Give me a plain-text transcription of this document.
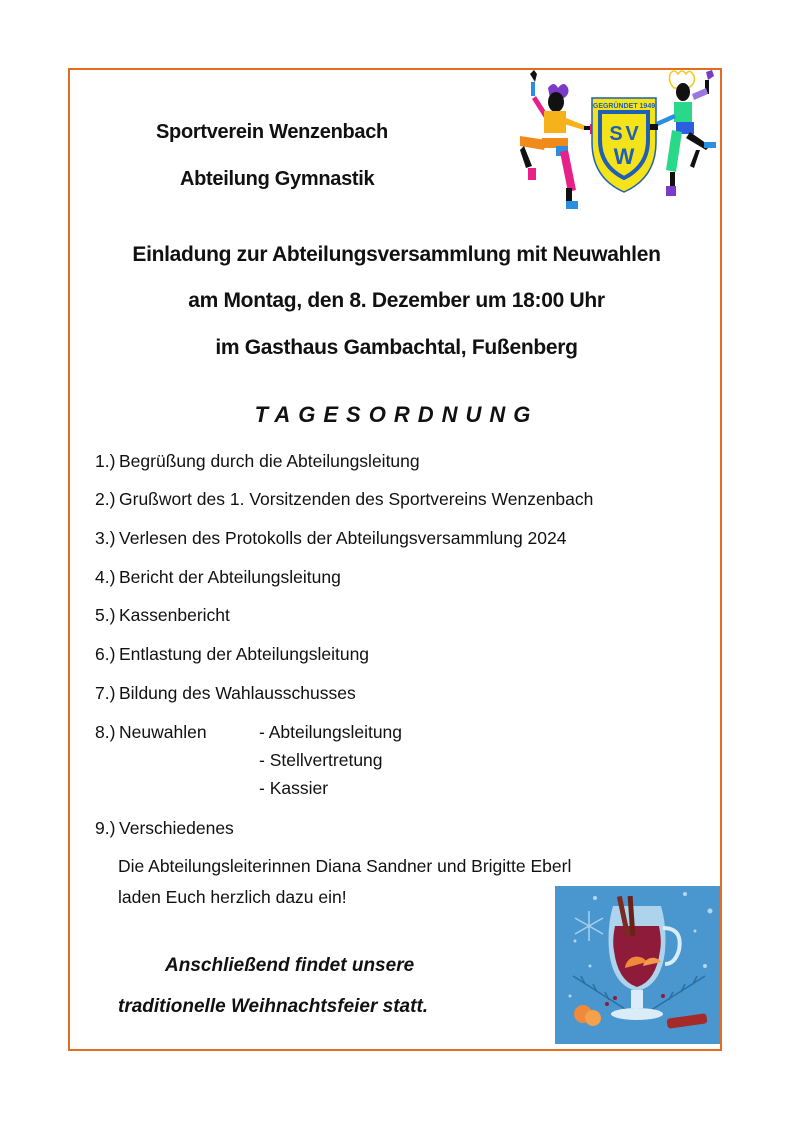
Sportverein Wenzenbach
Abteilung Gymnastik
GEGRÜNDET 1949
S V
W
Einladung zur Abteilungsversammlung mit Neuwahlen
am Montag, den 8. Dezember um 18:00 Uhr
im Gasthaus Gambachtal, Fußenberg
TAGESORDNUNG
1.) Begrüßung durch die Abteilungsleitung
2.) Grußwort des 1. Vorsitzenden des Sportvereins Wenzenbach
3.) Verlesen des Protokolls der Abteilungsversammlung 2024
4.) Bericht der Abteilungsleitung
5.) Kassenbericht
6.) Entlastung der Abteilungsleitung
7.) Bildung des Wahlausschusses
8.) Neuwahlen	- Abteilungsleitung
- Stellvertretung
- Kassier
9.) Verschiedenes
Die Abteilungsleiterinnen Diana Sandner und Brigitte Eberl
laden Euch herzlich dazu ein!
Anschließend findet unsere
traditionelle Weihnachtsfeier statt.
